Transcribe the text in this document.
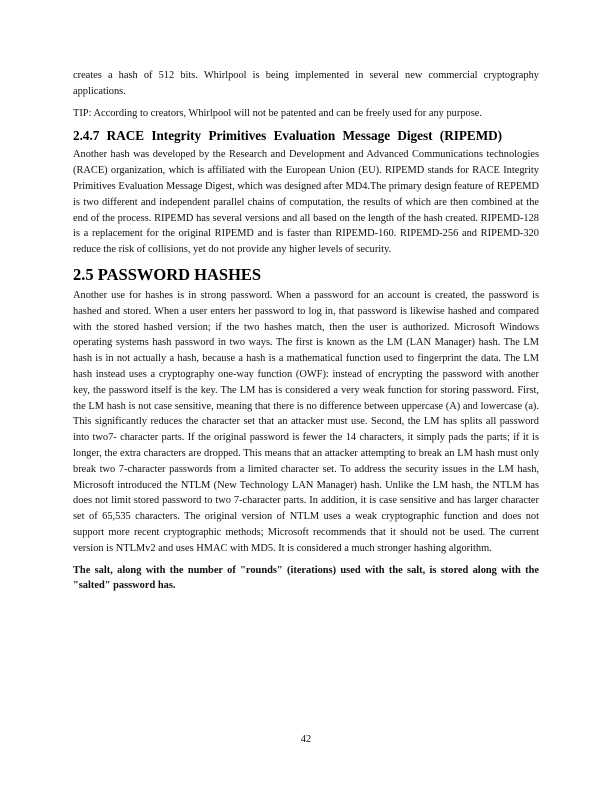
creates a hash of 512 bits. Whirlpool is being implemented in several new commercial cryptography applications.

TIP: According to creators, Whirlpool will not be patented and can be freely used for any purpose.

2.4.7 RACE Integrity Primitives Evaluation Message Digest (RIPEMD)

Another hash was developed by the Research and Development and Advanced Communications technologies (RACE) organization, which is affiliated with the European Union (EU). RIPEMD stands for RACE Integrity Primitives Evaluation Message Digest, which was designed after MD4.The primary design feature of REPEMD is two different and independent parallel chains of computation, the results of which are then combined at the end of the process. RIPEMD has several versions and all based on the length of the hash created. RIPEMD-128 is a replacement for the original RIPEMD and is faster than RIPEMD-160. RIPEMD-256 and RIPEMD-320 reduce the risk of collisions, yet do not provide any higher levels of security.

2.5 PASSWORD HASHES

Another use for hashes is in strong password. When a password for an account is created, the password is hashed and stored. When a user enters her password to log in, that password is likewise hashed and compared with the stored hashed version; if the two hashes match, then the user is authorized. Microsoft Windows operating systems hash password in two ways. The first is known as the LM (LAN Manager) hash. The LM hash is in not actually a hash, because a hash is a mathematical function used to fingerprint the data. The LM hash instead uses a cryptography one-way function (OWF): instead of encrypting the password with another key, the password itself is the key. The LM has is considered a very weak function for storing password. First, the LM hash is not case sensitive, meaning that there is no difference between uppercase (A) and lowercase (a). This significantly reduces the character set that an attacker must use. Second, the LM has splits all password into two7- character parts. If the original password is fewer the 14 characters, it simply pads the parts; if it is longer, the extra characters are dropped. This means that an attacker attempting to break an LM hash must only break two 7-character passwords from a limited character set. To address the security issues in the LM hash, Microsoft introduced the NTLM (New Technology LAN Manager) hash. Unlike the LM hash, the NTLM has does not limit stored password to two 7-character parts. In addition, it is case sensitive and has larger character set of 65,535 characters. The original version of NTLM uses a weak cryptographic function and does not support more recent cryptographic methods; Microsoft recommends that it should not be used. The current version is NTLMv2 and uses HMAC with MD5. It is considered a much stronger hashing algorithm.

The salt, along with the number of "rounds" (iterations) used with the salt, is stored along with the "salted" password has.

42
